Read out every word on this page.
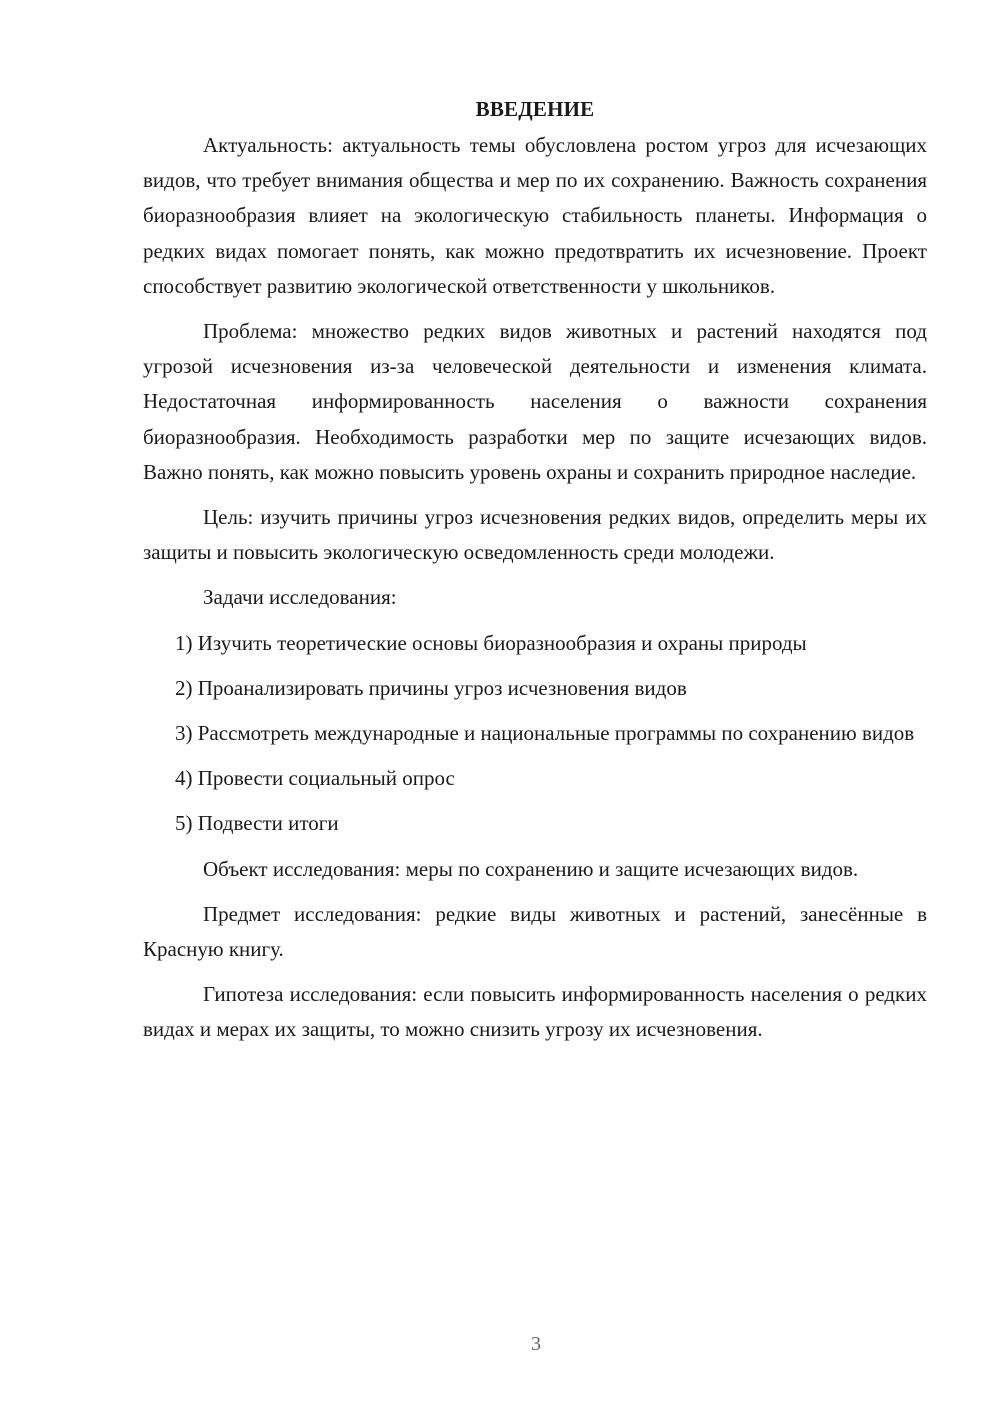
ВВЕДЕНИЕ

Актуальность: актуальность темы обусловлена ростом угроз для исчезающих видов, что требует внимания общества и мер по их сохранению. Важность сохранения биоразнообразия влияет на экологическую стабильность планеты. Информация о редких видах помогает понять, как можно предотвратить их исчезновение. Проект способствует развитию экологической ответственности у школьников.

Проблема: множество редких видов животных и растений находятся под угрозой исчезновения из-за человеческой деятельности и изменения климата. Недостаточная информированность населения о важности сохранения биоразнообразия. Необходимость разработки мер по защите исчезающих видов. Важно понять, как можно повысить уровень охраны и сохранить природное наследие.

Цель: изучить причины угроз исчезновения редких видов, определить меры их защиты и повысить экологическую осведомленность среди молодежи.

Задачи исследования:

1) Изучить теоретические основы биоразнообразия и охраны природы

2) Проанализировать причины угроз исчезновения видов

3) Рассмотреть международные и национальные программы по сохранению видов

4) Провести социальный опрос

5) Подвести итоги

Объект исследования: меры по сохранению и защите исчезающих видов.

Предмет исследования: редкие виды животных и растений, занесённые в Красную книгу.

Гипотеза исследования: если повысить информированность населения о редких видах и мерах их защиты, то можно снизить угрозу их исчезновения.

3
